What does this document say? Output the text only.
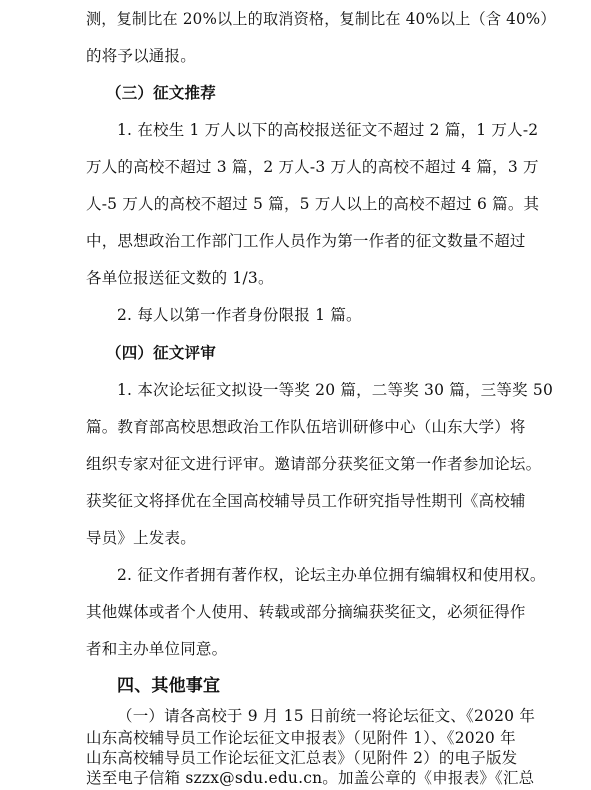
测，复制比在 20%以上的取消资格，复制比在 40%以上（含 40%）
的将予以通报。
（三）征文推荐
1. 在校生 1 万人以下的高校报送征文不超过 2 篇，1 万人-2
万人的高校不超过 3 篇，2 万人-3 万人的高校不超过 4 篇，3 万
人-5 万人的高校不超过 5 篇，5 万人以上的高校不超过 6 篇。其
中，思想政治工作部门工作人员作为第一作者的征文数量不超过
各单位报送征文数的 1/3。
2. 每人以第一作者身份限报 1 篇。
（四）征文评审
1. 本次论坛征文拟设一等奖 20 篇，二等奖 30 篇，三等奖 50
篇。教育部高校思想政治工作队伍培训研修中心（山东大学）将
组织专家对征文进行评审。邀请部分获奖征文第一作者参加论坛。
获奖征文将择优在全国高校辅导员工作研究指导性期刊《高校辅
导员》上发表。
2. 征文作者拥有著作权，论坛主办单位拥有编辑权和使用权。
其他媒体或者个人使用、转载或部分摘编获奖征文，必须征得作
者和主办单位同意。
四、其他事宜
（一）请各高校于 9 月 15 日前统一将论坛征文、《2020 年
山东高校辅导员工作论坛征文申报表》（见附件 1）、《2020 年
山东高校辅导员工作论坛征文汇总表》（见附件 2）的电子版发
送至电子信箱 szzx@sdu.edu.cn。加盖公章的《申报表》《汇总
